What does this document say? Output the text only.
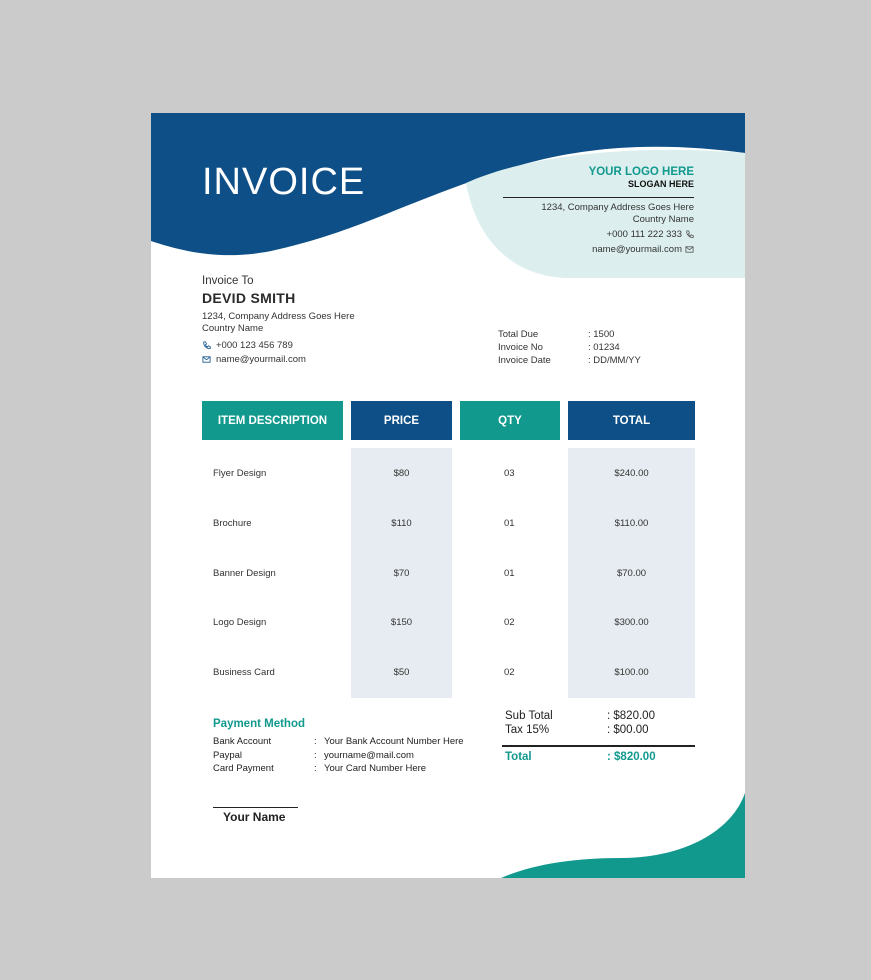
INVOICE	YOUR LOGO HERE

SLOGAN HERE

1234, Company Address Goes Here
Country Name
+000 111 222 333
name@yourmail.com

Invoice To

DEVID SMITH

1234, Company Address Goes Here
Country Name
+000 123 456 789
name@yourmail.com
Total Due	: 1500
Invoice No	: 01234
Invoice Date	: DD/MM/YY
ITEM DESCRIPTION	PRICE	QTY	TOTAL
Flyer Design	$80	03	$240.00
Brochure	$110	01	$110.00
Banner Design	$70	01	$70.00
Logo Design	$150	02	$300.00
Business Card	$50	02	$100.00

Payment Method

Bank Account	: Your Bank Account Number Here
Paypal	: yourname@mail.com
Card Payment	: Your Card Number Here
Sub Total	: $820.00
Tax 15%	: $00.00
Total	: $820.00

Your Name
